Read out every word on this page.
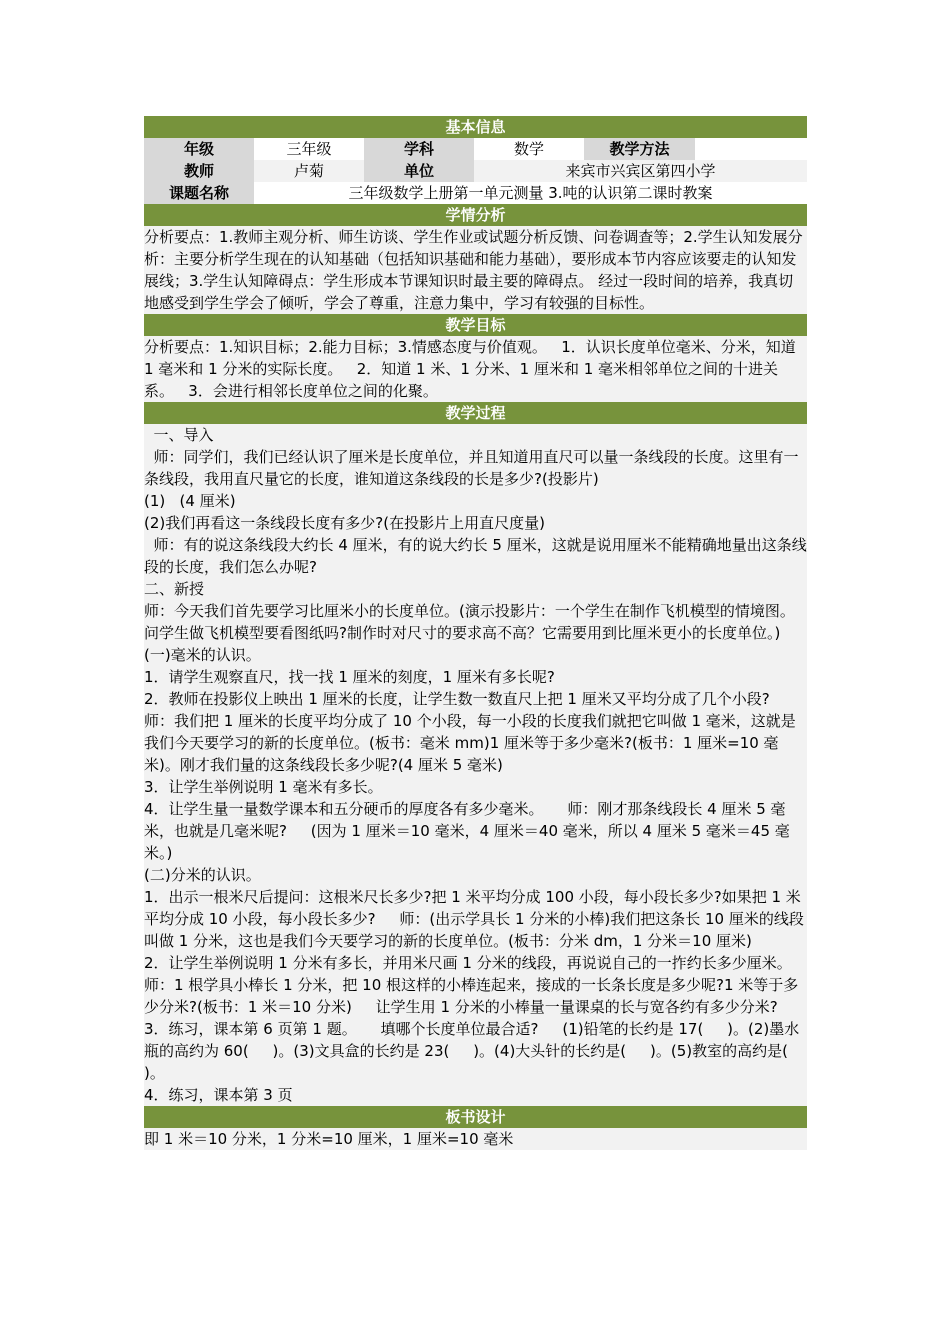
基本信息
年级	三年级	学科	数学	教学方法	
教师	卢菊	单位	来宾市兴宾区第四小学		
课题名称	三年级数学上册第一单元测量 3.吨的认识第二课时教案				
学情分析
分析要点：1.教师主观分析、师生访谈、学生作业或试题分析反馈、问卷调查等；2.学生认知发展分析：主要分析学生现在的认知基础（包括知识基础和能力基础），要形成本节内容应该要走的认知发展线；3.学生认知障碍点：学生形成本节课知识时最主要的障碍点。 经过一段时间的培养，我真切地感受到学生学会了倾听，学会了尊重，注意力集中，学习有较强的目标性。
教学目标
分析要点：1.知识目标；2.能力目标；3.情感态度与价值观。   1．认识长度单位毫米、分米，知道 1 毫米和 1 分米的实际长度。   2．知道 1 米、1 分米、1 厘米和 1 毫米相邻单位之间的十进关系。   3．会进行相邻长度单位之间的化聚。
教学过程
一、导入
师：同学们，我们已经认识了厘米是长度单位，并且知道用直尺可以量一条线段的长度。这里有一条线段，我用直尺量它的长度，谁知道这条线段的长是多少?(投影片)
(1)   (4 厘米)
(2)我们再看这一条线段长度有多少?(在投影片上用直尺度量)
师：有的说这条线段大约长 4 厘米，有的说大约长 5 厘米，这就是说用厘米不能精确地量出这条线段的长度，我们怎么办呢?
二、新授
师：今天我们首先要学习比厘米小的长度单位。(演示投影片：一个学生在制作飞机模型的情境图。问学生做飞机模型要看图纸吗?制作时对尺寸的要求高不高？它需要用到比厘米更小的长度单位。)     (一)毫米的认识。
1．请学生观察直尺，找一找 1 厘米的刻度，1 厘米有多长呢?
2．教师在投影仪上映出 1 厘米的长度，让学生数一数直尺上把 1 厘米又平均分成了几个小段?     师：我们把 1 厘米的长度平均分成了 10 个小段，每一小段的长度我们就把它叫做 1 毫米，这就是我们今天要学习的新的长度单位。(板书：毫米 mm)1 厘米等于多少毫米?(板书：1 厘米=10 毫米)。刚才我们量的这条线段长多少呢?(4 厘米 5 毫米)
3．让学生举例说明 1 毫米有多长。
4．让学生量一量数学课本和五分硬币的厚度各有多少毫米。     师：刚才那条线段长 4 厘米 5 毫米，也就是几毫米呢?     (因为 1 厘米＝10 毫米，4 厘米＝40 毫米，所以 4 厘米 5 毫米＝45 毫米。)
(二)分米的认识。
1．出示一根米尺后提问：这根米尺长多少?把 1 米平均分成 100 小段，每小段长多少?如果把 1 米平均分成 10 小段，每小段长多少?     师：(出示学具长 1 分米的小棒)我们把这条长 10 厘米的线段叫做 1 分米，这也是我们今天要学习的新的长度单位。(板书：分米 dm，1 分米＝10 厘米)
2．让学生举例说明 1 分米有多长，并用米尺画 1 分米的线段，再说说自己的一拃约长多少厘米。     师：1 根学具小棒长 1 分米，把 10 根这样的小棒连起来，接成的一长条长度是多少呢?1 米等于多少分米?(板书：1 米＝10 分米)     让学生用 1 分米的小棒量一量课桌的长与宽各约有多少分米?
3．练习，课本第 6 页第 1 题。     填哪个长度单位最合适?     (1)铅笔的长约是 17(     )。(2)墨水瓶的高约为 60(     )。(3)文具盒的长约是 23(     )。(4)大头针的长约是(     )。(5)教室的高约是(     )。
4．练习，课本第 3 页
板书设计
即 1 米＝10 分米，1 分米=10 厘米，1 厘米=10 毫米
